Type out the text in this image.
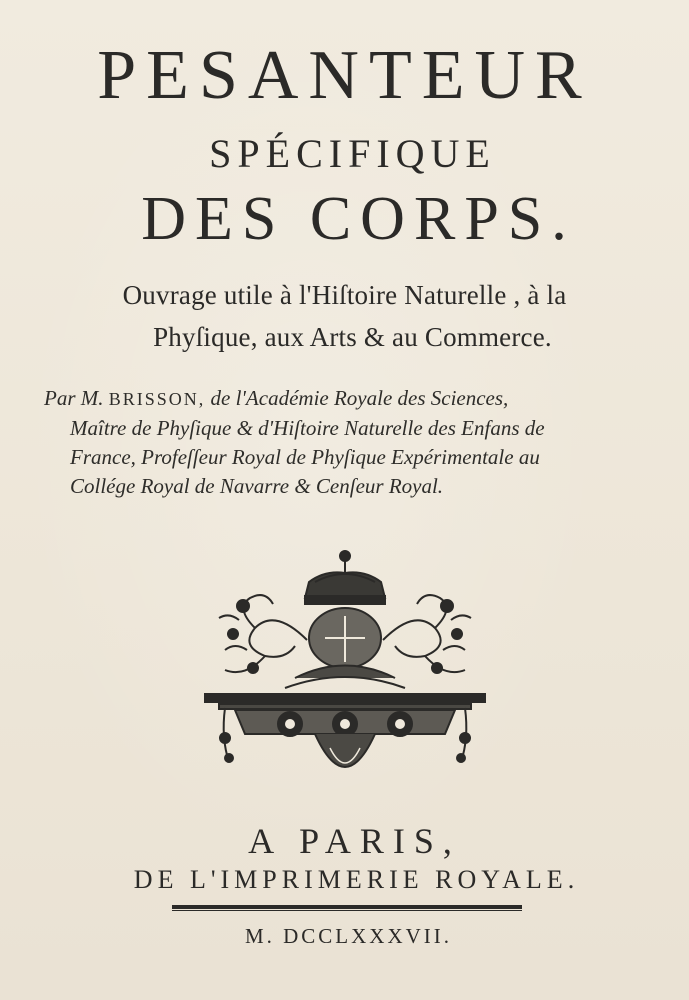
PESANTEUR
SPÉCIFIQUE
DES CORPS.
Ouvrage utile à l'Hiſtoire Naturelle , à la
Phyſique, aux Arts & au Commerce.
Par M. BRISSON, de l'Académie Royale des Sciences,
Maître de Phyſique & d'Hiſtoire Naturelle des Enfans de
France, Profeſſeur Royal de Phyſique Expérimentale au
Collége Royal de Navarre & Cenſeur Royal.
A PARIS,
DE L'IMPRIMERIE ROYALE.
M. DCCLXXXVII.
